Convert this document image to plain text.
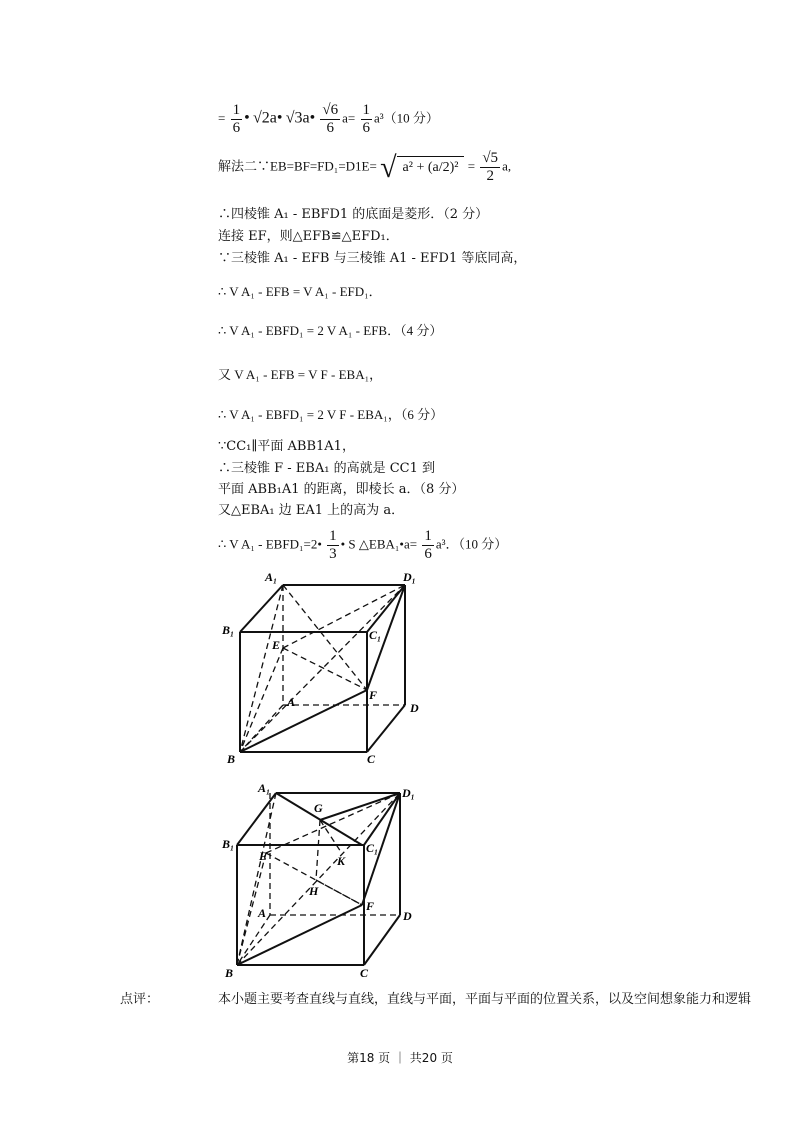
= $\frac{1}{6}$ • √2a• √3a• $\frac{√6}{6} a= \frac{1}{6} a^3(10$ 分）
解法二∵EB=BF=FD₁=D1E= √ $a^2 + (a/2)^2 = \frac{√5}{2} a$,
∴四棱锥 A₁ - EBFD1 的底面是菱形．（2 分）
连接 EF，则△EFB≌△EFD₁．
∵三棱锥 A₁ - EFB 与三棱锥 A1 - EFD1 等底同高，
∴ V A₁ - EFB = V A₁ - EFD₁．
∴ V A₁ - EBFD₁ = 2 V A₁ - EFB．（4 分）
又 V A₁ - EFB = V F - EBA₁，
∴ V A₁ - EBFD₁ = 2 V F - EBA₁，（6 分）
∵CC₁∥平面 ABB1A1，
∴三棱锥 F - EBA₁ 的高就是 CC1 到
平面 ABB₁A1 的距离，即棱长 a．（8 分）
又△EBA₁ 边 EA1 上的高为 a．
∴ V A₁ - EBFD₁=2• $\frac{1}{3}$ • S △EBA₁•a= $\frac{1}{6} a^3$．（10 分）
A₁	D₁
B₁	C₁
E
F
A	D
B	C
A₁
G
D₁
B₁
E	K
C₁
H
A	F
D
B	C
点评：	本小题主要考查直线与直线，直线与平面，平面与平面的位置关系，以及空间想象能力和逻辑
第18 页 ｜ 共20 页
